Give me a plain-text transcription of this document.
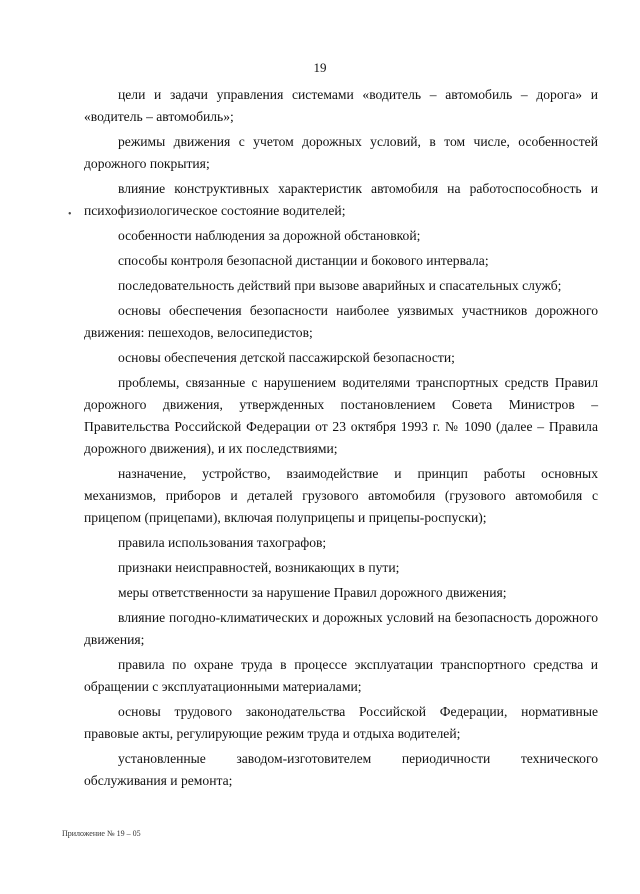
19
•

цели и задачи управления системами «водитель – автомобиль – дорога» и «водитель – автомобиль»;

режимы движения с учетом дорожных условий, в том числе, особенностей дорожного покрытия;

влияние конструктивных характеристик автомобиля на работоспособность и психофизиологическое состояние водителей;

особенности наблюдения за дорожной обстановкой;

способы контроля безопасной дистанции и бокового интервала;

последовательность действий при вызове аварийных и спасательных служб;

основы обеспечения безопасности наиболее уязвимых участников дорожного движения: пешеходов, велосипедистов;

основы обеспечения детской пассажирской безопасности;

проблемы, связанные с нарушением водителями транспортных средств Правил дорожного движения, утвержденных постановлением Совета Министров – Правительства Российской Федерации от 23 октября 1993 г. № 1090 (далее – Правила дорожного движения), и их последствиями;

назначение, устройство, взаимодействие и принцип работы основных механизмов, приборов и деталей грузового автомобиля (грузового автомобиля с прицепом (прицепами), включая полуприцепы и прицепы-роспуски);

правила использования тахографов;

признаки неисправностей, возникающих в пути;

меры ответственности за нарушение Правил дорожного движения;

влияние погодно-климатических и дорожных условий на безопасность дорожного движения;

правила по охране труда в процессе эксплуатации транспортного средства и обращении с эксплуатационными материалами;

основы трудового законодательства Российской Федерации, нормативные правовые акты, регулирующие режим труда и отдыха водителей;

установленные заводом-изготовителем периодичности технического обслуживания и ремонта;

Приложение № 19 – 05
